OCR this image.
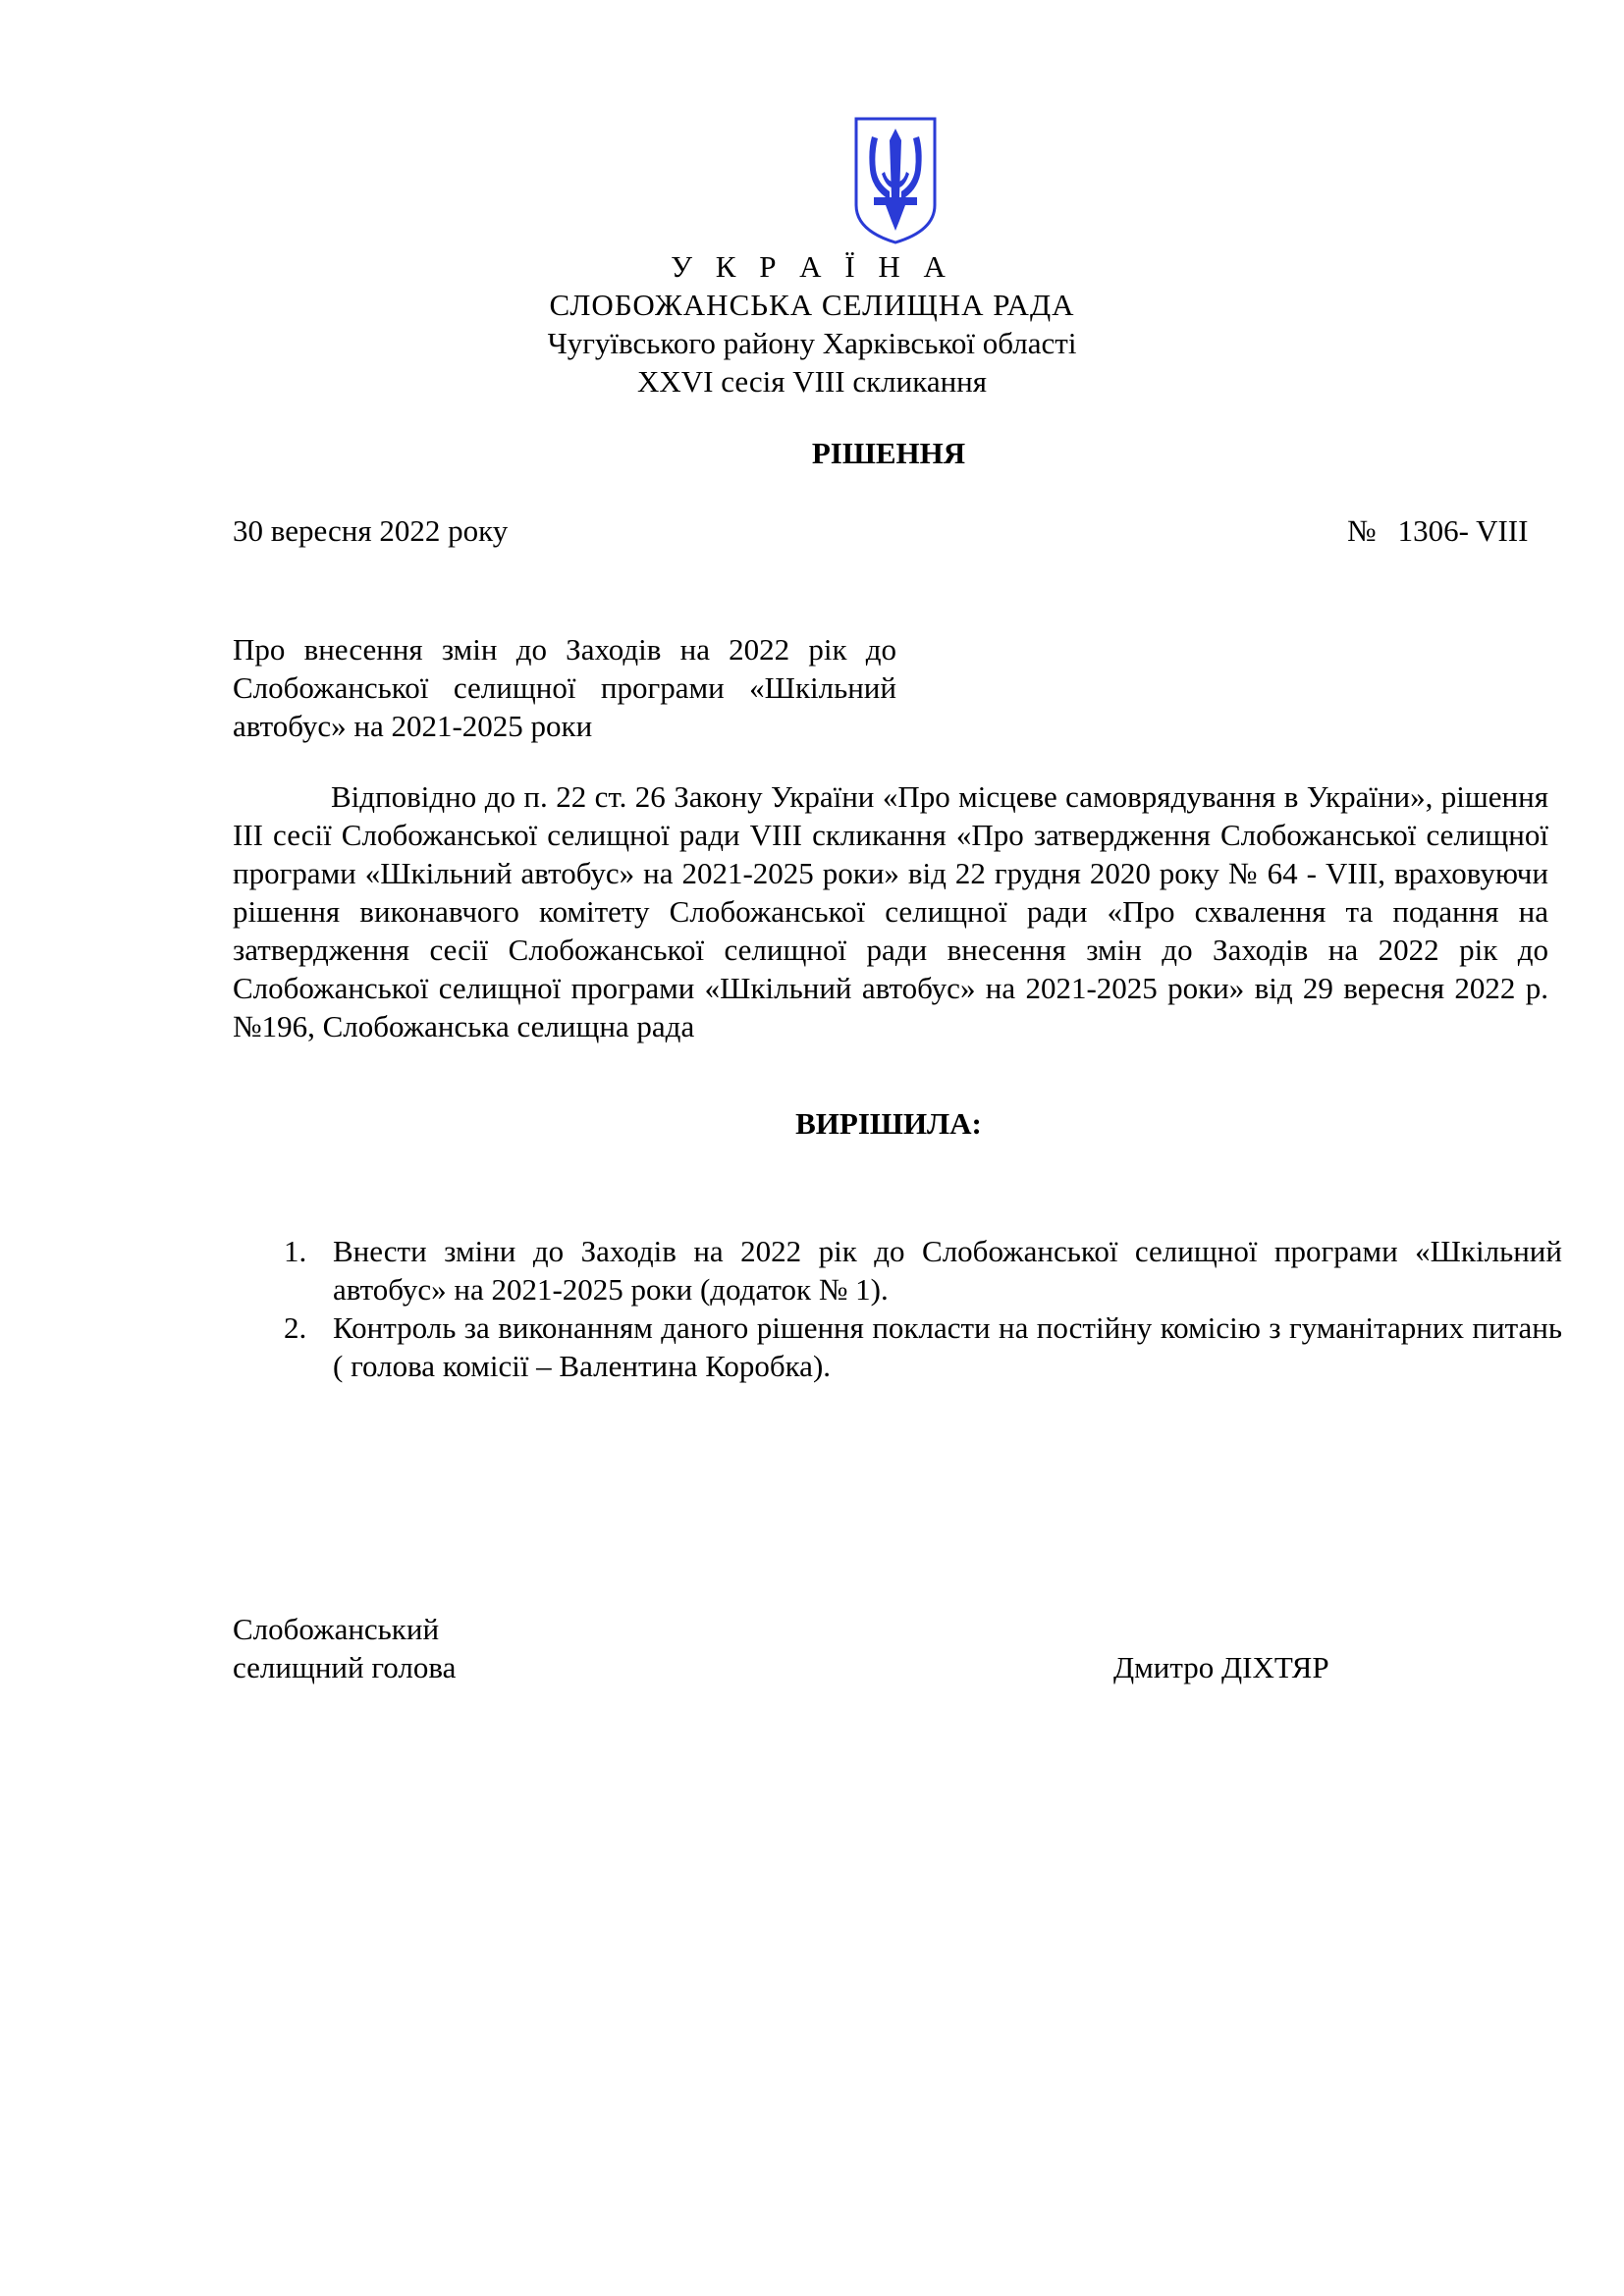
У К Р А Ї Н А
СЛОБОЖАНСЬКА СЕЛИЩНА РАДА
Чугуївського району Харківської області
XXVI сесія VIII скликання
РІШЕННЯ
30 вересня 2022 року	№ 1306- VIII
Про внесення змін до Заходів на 2022 рік до Слобожанської селищної програми «Шкільний автобус» на 2021-2025 роки
Відповідно до п. 22 ст. 26 Закону України «Про місцеве самоврядування в України», рішення III сесії Слобожанської селищної ради VIII скликання «Про затвердження Слобожанської селищної програми «Шкільний автобус» на 2021-2025 роки» від 22 грудня 2020 року № 64 - VIII, враховуючи рішення виконавчого комітету Слобожанської селищної ради «Про схвалення та подання на затвердження сесії Слобожанської селищної ради внесення змін до Заходів на 2022 рік до Слобожанської селищної програми «Шкільний автобус» на 2021-2025 роки» від 29 вересня 2022 р. №196, Слобожанська селищна рада
ВИРІШИЛА:
1. Внести зміни до Заходів на 2022 рік до Слобожанської селищної програми «Шкільний автобус» на 2021-2025 роки (додаток № 1).
2. Контроль за виконанням даного рішення покласти на постійну комісію з гуманітарних питань ( голова комісії – Валентина Коробка).
Слобожанський
селищний голова	Дмитро ДІХТЯР
